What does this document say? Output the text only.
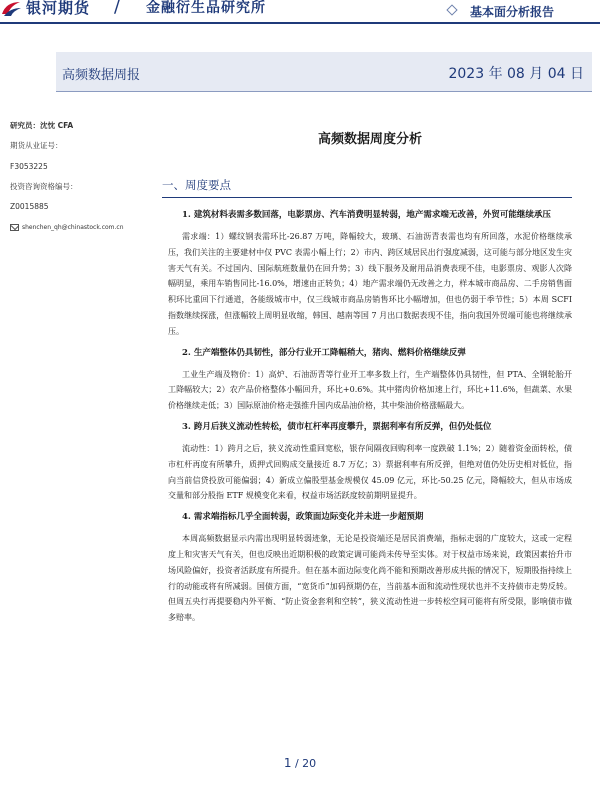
银河期货 / 金融衍生品研究所	基本面分析报告
高频数据周报	2023 年 08 月 04 日
研究员：沈忱 CFA
期货从业证号：
F3053225
投资咨询资格编号：
Z0015885
shenchen_qh@chinastock.com.cn
高频数据周度分析
一、周度要点
1. 建筑材料表需多数回落，电影票房、汽车消费明显转弱，地产需求端无改善，外贸可能继续承压
需求端：1）螺纹钢表需环比-26.87 万吨，降幅较大，玻璃、石油沥青表需也均有所回落，水泥价格继续承压，我们关注的主要建材中仅 PVC 表需小幅上行；2）市内、跨区域居民出行强度减弱，这可能与部分地区发生灾害天气有关。不过国内、国际航班数量仍在回升势；3）线下服务及耐用品消费表现不佳，电影票房、观影人次降幅明显，乘用车销售同比-16.0%，增速由正转负；4）地产需求端仍无改善之力，样本城市商品房、二手房销售面积环比重回下行通道，各能级城市中，仅三线城市商品房销售环比小幅增加，但也仍弱于季节性；5）本周 SCFI 指数继续探涨，但涨幅较上周明显收缩，韩国、越南等国 7 月出口数据表现不佳，指向我国外贸端可能也将继续承压。
2. 生产端整体仍具韧性，部分行业开工降幅稍大，猪肉、燃料价格继续反弹
工业生产端及物价：1）高炉、石油沥青等行业开工率多数上行，生产端整体仍具韧性，但 PTA、全钢轮胎开工降幅较大；2）农产品价格整体小幅回升，环比+0.6%。其中猪肉价格加速上行，环比+11.6%，但蔬菜、水果价格继续走低；3）国际原油价格走强推升国内成品油价格，其中柴油价格涨幅最大。
3. 跨月后狭义流动性转松，债市杠杆率再度攀升，票据利率有所反弹，但仍处低位
流动性：1）跨月之后，狭义流动性重回宽松，银存间隔夜回购利率一度跌破 1.1%；2）随着资金面转松，债市杠杆再度有所攀升，质押式回购成交量接近 8.7 万亿；3）票据利率有所反弹，但绝对值仍处历史相对低位，指向当前信贷投放可能偏弱；4）新成立偏股型基金规模仅 45.09 亿元，环比-50.25 亿元，降幅较大，但从市场成交量和部分股指 ETF 规模变化来看，权益市场活跃度较前期明显提升。
4. 需求端指标几乎全面转弱，政策面边际变化并未进一步超预期
本周高频数据显示内需出现明显转弱迹象，无论是投资端还是居民消费端，指标走弱的广度较大，这或一定程度上和灾害天气有关，但也反映出近期积极的政策定调可能尚未传导至实体。对于权益市场来说，政策因素抬升市场风险偏好，投资者活跃度有所提升。但在基本面边际变化尚不能和预期改善形成共振的情况下，短期股指持续上行的动能或将有所减弱。国债方面，“宽货币”加码预期仍在，当前基本面和流动性现状也并不支持债市走势反转。但周五央行再提要稳内外平衡、“防止资金套利和空转”，狭义流动性进一步转松空间可能将有所受限，影响债市做多赔率。
1 / 20
